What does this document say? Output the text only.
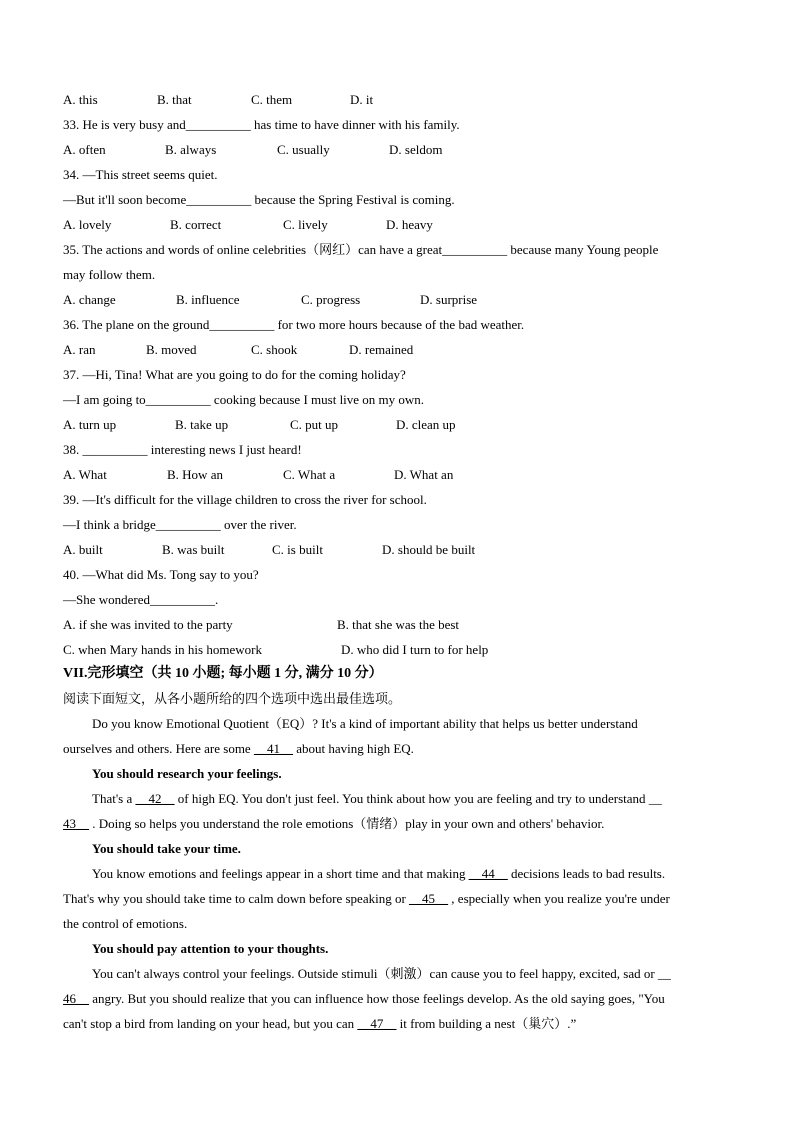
A. this	B. that	C. them	D. it
33. He is very busy and__________ has time to have dinner with his family.
A. often	B. always	C. usually	D. seldom
34. —This street seems quiet.
—But it'll soon become__________ because the Spring Festival is coming.
A. lovely	B. correct	C. lively	D. heavy
35. The actions and words of online celebrities（网红）can have a great__________ because many Young people
may follow them.
A. change	B. influence	C. progress	D. surprise
36. The plane on the ground__________ for two more hours because of the bad weather.
A. ran	B. moved	C. shook	D. remained
37. —Hi, Tina! What are you going to do for the coming holiday?
—I am going to__________ cooking because I must live on my own.
A. turn up	B. take up	C. put up	D. clean up
38. __________ interesting news I just heard!
A. What	B. How an	C. What a	D. What an
39. —It's difficult for the village children to cross the river for school.
—I think a bridge__________ over the river.
A. built	B. was built	C. is built	D. should be built
40. —What did Ms. Tong say to you?
—She wondered__________.
A. if she was invited to the party	B. that she was the best
C. when Mary hands in his homework	D. who did I turn to for help
VII.完形填空（共 10 小题; 每小题 1 分, 满分 10 分）
阅读下面短文，从各小题所给的四个选项中选出最佳选项。
Do you know Emotional Quotient（EQ）? It's a kind of important ability that helps us better understand
ourselves and others. Here are some __41__ about having high EQ.
You should research your feelings.
That's a __42__ of high EQ. You don't just feel. You think about how you are feeling and try to understand __
43__ . Doing so helps you understand the role emotions（情绪）play in your own and others' behavior.
You should take your time.
You know emotions and feelings appear in a short time and that making __44__ decisions leads to bad results.
That's why you should take time to calm down before speaking or __45__ , especially when you realize you're under
the control of emotions.
You should pay attention to your thoughts.
You can't always control your feelings. Outside stimuli（刺激）can cause you to feel happy, excited, sad or __
46__ angry. But you should realize that you can influence how those feelings develop. As the old saying goes, "You
can't stop a bird from landing on your head, but you can __47__ it from building a nest（巢穴）.”
